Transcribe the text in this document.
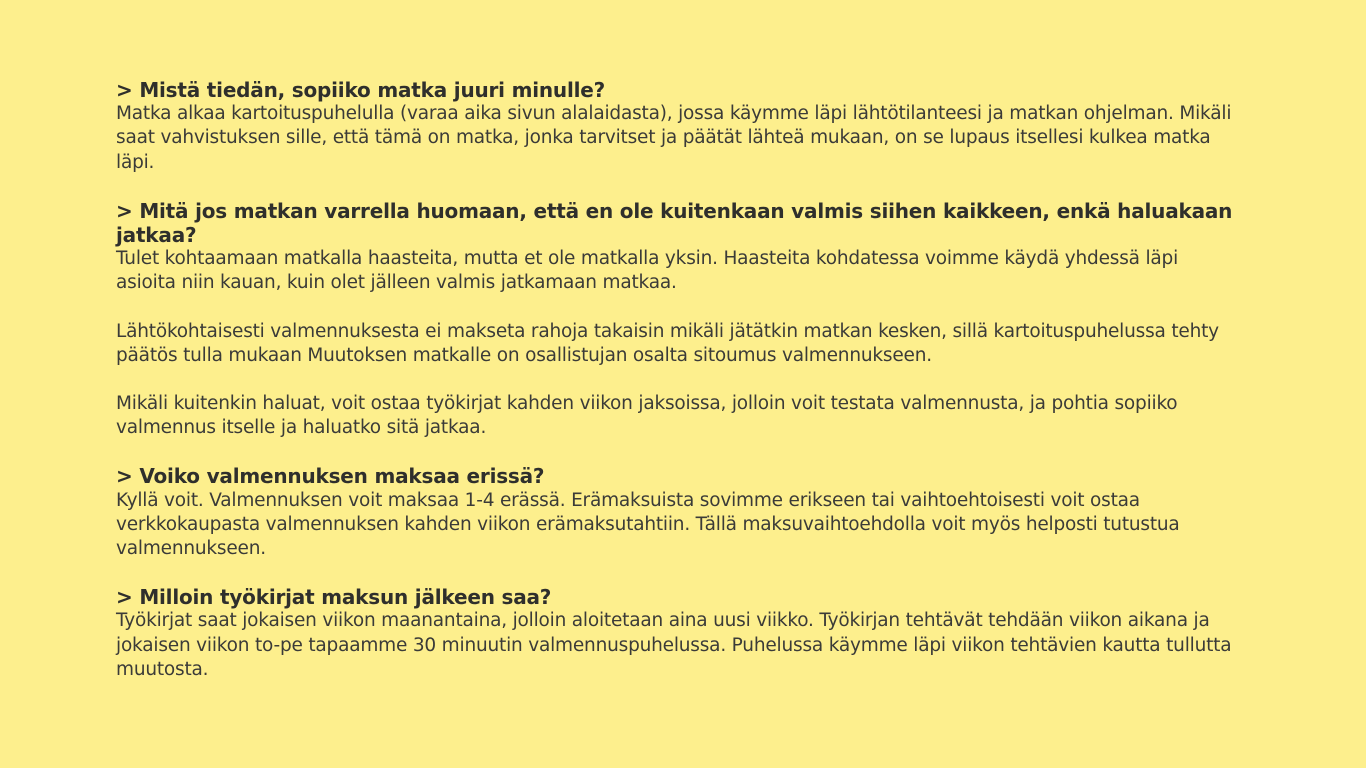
> Mistä tiedän, sopiiko matka juuri minulle?
Matka alkaa kartoituspuhelulla (varaa aika sivun alalaidasta), jossa käymme läpi lähtötilanteesi ja matkan ohjelman. Mikäli saat vahvistuksen sille, että tämä on matka, jonka tarvitset ja päätät lähteä mukaan, on se lupaus itsellesi kulkea matka läpi.
> Mitä jos matkan varrella huomaan, että en ole kuitenkaan valmis siihen kaikkeen, enkä haluakaan jatkaa?
Tulet kohtaamaan matkalla haasteita, mutta et ole matkalla yksin. Haasteita kohdatessa voimme käydä yhdessä läpi asioita niin kauan, kuin olet jälleen valmis jatkamaan matkaa.
Lähtökohtaisesti valmennuksesta ei makseta rahoja takaisin mikäli jätätkin matkan kesken, sillä kartoituspuhelussa tehty päätös tulla mukaan Muutoksen matkalle on osallistujan osalta sitoumus valmennukseen.
Mikäli kuitenkin haluat, voit ostaa työkirjat kahden viikon jaksoissa, jolloin voit testata valmennusta, ja pohtia sopiiko valmennus itselle ja haluatko sitä jatkaa.
> Voiko valmennuksen maksaa erissä?
Kyllä voit. Valmennuksen voit maksaa 1-4 erässä. Erämaksuista sovimme erikseen tai vaihtoehtoisesti voit ostaa verkkokaupasta valmennuksen kahden viikon erämaksutahtiin. Tällä maksuvaihtoehdolla voit myös helposti tutustua valmennukseen.
> Milloin työkirjat maksun jälkeen saa?
Työkirjat saat jokaisen viikon maanantaina, jolloin aloitetaan aina uusi viikko. Työkirjan tehtävät tehdään viikon aikana ja jokaisen viikon to-pe tapaamme 30 minuutin valmennuspuhelussa. Puhelussa käymme läpi viikon tehtävien kautta tullutta muutosta.
